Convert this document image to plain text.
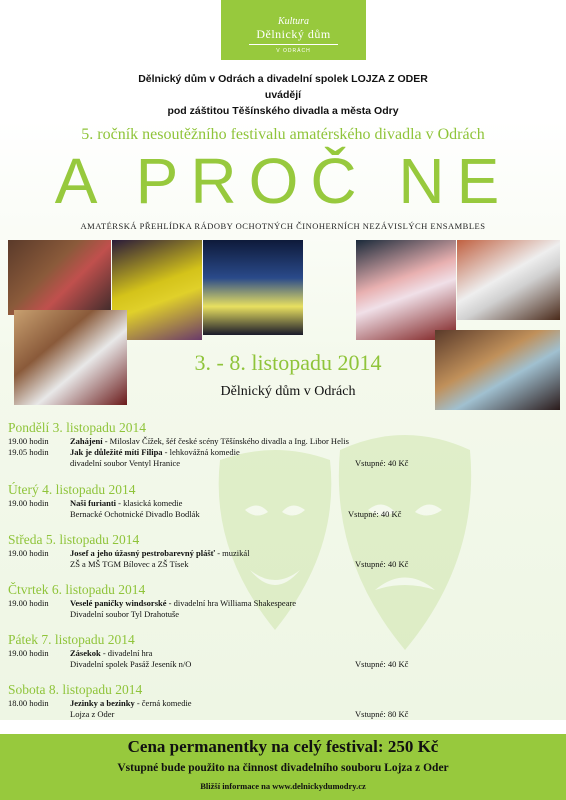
Kultura
Dělnický dům
V ODRÁCH
Dělnický dům v Odrách a divadelní spolek LOJZA Z ODER
uvádějí
pod záštitou Těšínského divadla a města Odry
5. ročník nesoutěžního festivalu amatérského divadla v Odrách
A PROČ NE
AMATÉRSKÁ PŘEHLÍDKA RÁDOBY OCHOTNÝCH ČINOHERNÍCH NEZÁVISLÝCH ENSAMBLES
3. - 8. listopadu 2014
Dělnický dům v Odrách
Pondělí 3. listopadu 2014
19.00 hodin	Zahájení - Miloslav Čížek, šéf české scény Těšínského divadla a Ing. Libor Helis
19.05 hodin	Jak je důležité míti Filipa - lehkovážná komedie
divadelní soubor Ventyl Hranice	Vstupné: 40 Kč
Úterý 4. listopadu 2014
19.00 hodin	Naši furianti - klasická komedie
Bernacké Ochotnické Divadlo Bodlák	Vstupné: 40 Kč
Středa 5. listopadu 2014
19.00 hodin	Josef a jeho úžasný pestrobarevný plášť - muzikál
ZŠ a MŠ TGM Bílovec a ZŠ Tísek	Vstupné: 40 Kč
Čtvrtek 6. listopadu 2014
19.00 hodin	Veselé paničky windsorské - divadelní hra Williama Shakespeare
Divadelní soubor Tyl Drahotuše
Pátek 7. listopadu 2014
19.00 hodin	Zásekok - divadelní hra
Divadelní spolek Pasáž Jeseník n/O	Vstupné: 40 Kč
Sobota 8. listopadu 2014
18.00 hodin	Jezinky a bezinky - černá komedie
Lojza z Oder	Vstupné: 80 Kč
Cena permanentky na celý festival: 250 Kč
Vstupné bude použito na činnost divadelního souboru Lojza z Oder
Bližší informace na www.delnickydumodry.cz
